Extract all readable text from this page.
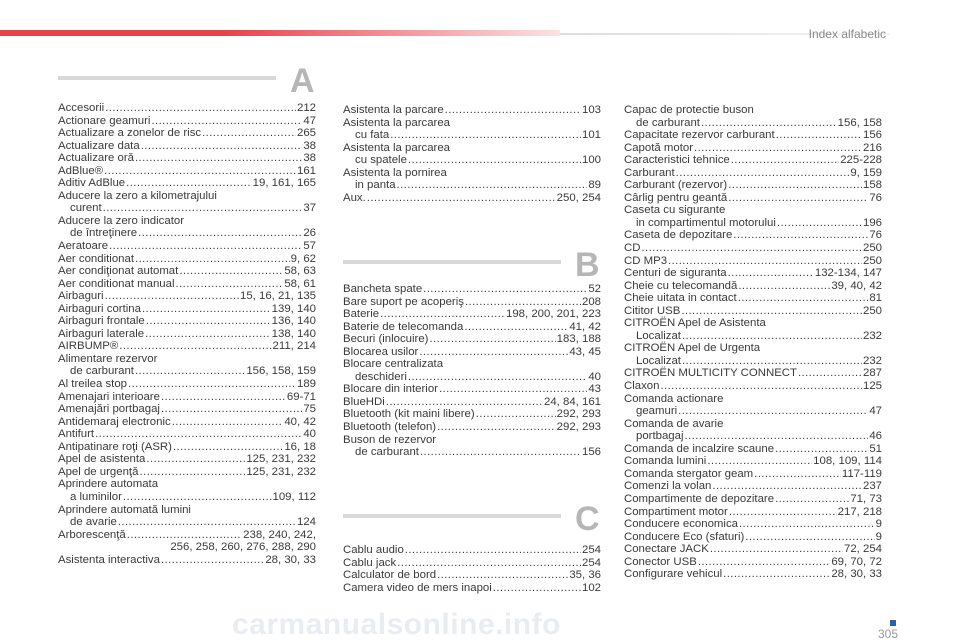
Index alfabetic
A
B
C
Accesorii .....	212
Actionare geamuri .....	47
Actualizare a zonelor de risc .....	265
Actualizare data .....	38
Actualizare oră .....	38
AdBlue® .....	161
Aditiv AdBlue .....	19, 161, 165
Aducere la zero a kilometrajului
curent .....	37
Aducere la zero indicator
de întreţinere .....	26
Aeratoare .....	57
Aer conditionat .....	9, 62
Aer condiţionat automat .....	58, 63
Aer conditionat manual .....	58, 61
Airbaguri .....	15, 16, 21, 135
Airbaguri cortina .....	139, 140
Airbaguri frontale .....	136, 140
Airbaguri laterale .....	138, 140
AIRBUMP® .....	211, 214
Alimentare rezervor
de carburant .....	156, 158, 159
Al treilea stop .....	189
Amenajari interioare .....	69-71
Amenajări portbagaj .....	75
Antidemaraj electronic .....	40, 42
Antifurt .....	40
Antipatinare roţi (ASR) .....	16, 18
Apel de asistenta .....	125, 231, 232
Apel de urgenţă .....	125, 231, 232
Aprindere automata
a luminilor .....	109, 112
Aprindere automată lumini
de avarie .....	124
Arborescenţă .....	238, 240, 242,
256, 258, 260, 276, 288, 290
Asistenta interactiva .....	28, 30, 33
Asistenta la parcare .....	103
Asistenta la parcarea
cu fata .....	101
Asistenta la parcarea
cu spatele .....	100
Asistenta la pornirea
in panta .....	89
Aux. .....	250, 254
Bancheta spate .....	52
Bare suport pe acoperiş .....	208
Baterie .....	198, 200, 201, 223
Baterie de telecomanda .....	41, 42
Becuri (inlocuire) .....	183, 188
Blocarea usilor .....	43, 45
Blocare centralizata
deschideri .....	40
Blocare din interior .....	43
BlueHDi .....	24, 84, 161
Bluetooth (kit maini libere) .....	292, 293
Bluetooth (telefon) .....	292, 293
Buson de rezervor
de carburant .....	156
Cablu audio .....	254
Cablu jack .....	254
Calculator de bord .....	35, 36
Camera video de mers inapoi .....	102
Capac de protectie buson
de carburant .....	156, 158
Capacitate rezervor carburant .....	156
Capotă motor .....	216
Caracteristici tehnice .....	225-228
Carburant .....	9, 159
Carburant (rezervor) .....	158
Cârlig pentru geantă .....	76
Caseta cu sigurante
in compartimentul motorului .....	196
Caseta de depozitare .....	76
CD .....	250
CD MP3 .....	250
Centuri de siguranta .....	132-134, 147
Cheie cu telecomandă .....	39, 40, 42
Cheie uitata in contact .....	81
Cititor USB .....	250
CITROËN Apel de Asistenta
Localizat .....	232
CITROËN Apel de Urgenta
Localizat .....	232
CITROËN MULTICITY CONNECT .....	287
Claxon .....	125
Comanda actionare
geamuri .....	47
Comanda de avarie
portbagaj .....	46
Comanda de incalzire scaune .....	51
Comanda lumini .....	108, 109, 114
Comanda stergator geam .....	117-119
Comenzi la volan .....	237
Compartimente de depozitare .....	71, 73
Compartiment motor .....	217, 218
Conducere economica .....	9
Conducere Eco (sfaturi) .....	9
Conectare JACK .....	72, 254
Conector USB .....	69, 70, 72
Configurare vehicul .....	28, 30, 33
carmanualsonline.info	305
